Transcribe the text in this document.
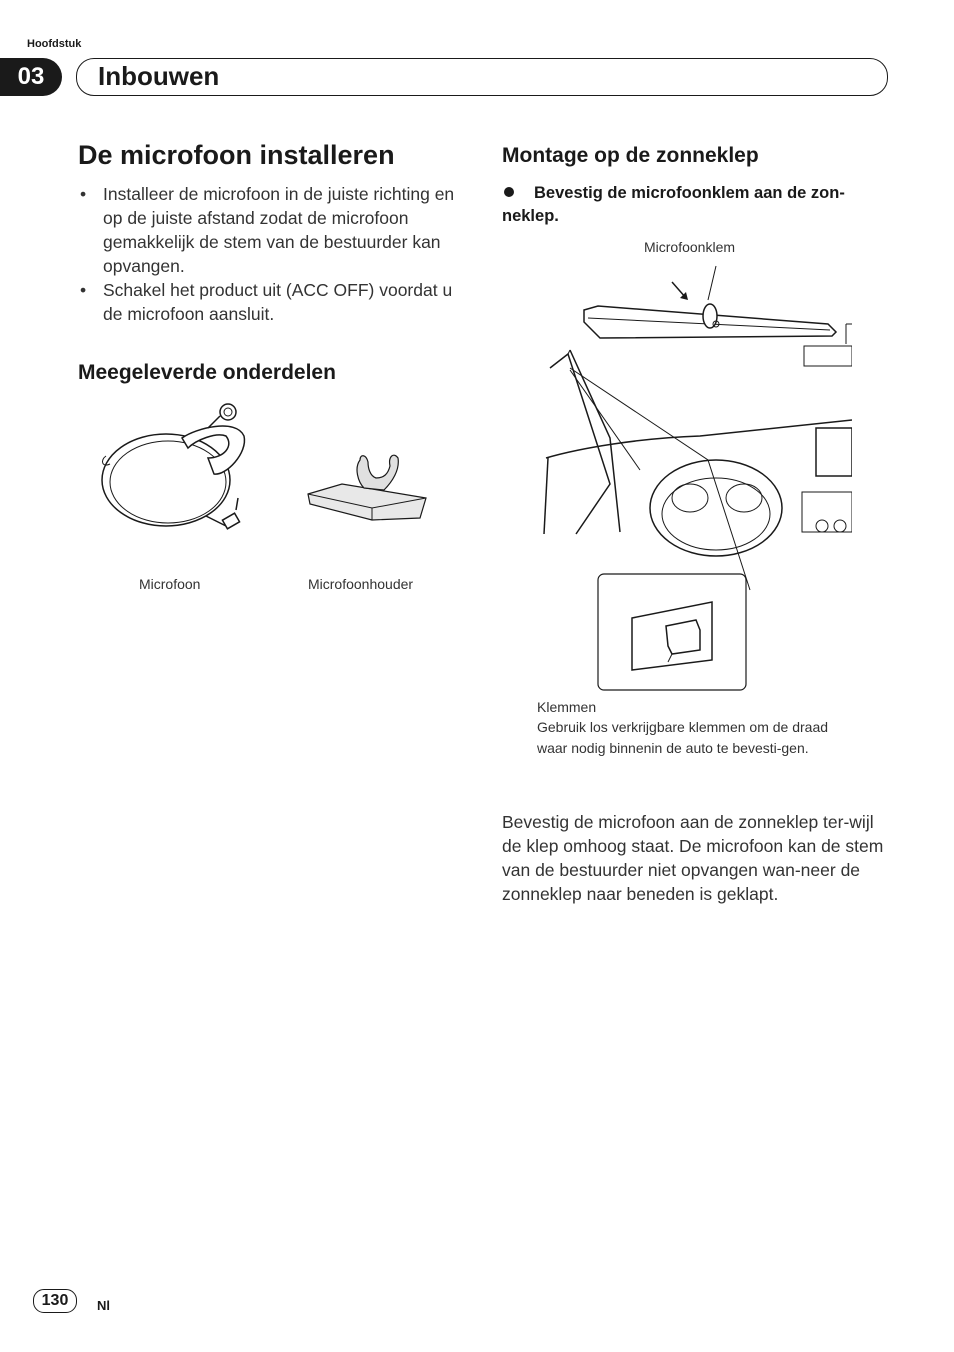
Hoofdstuk
03	Inbouwen
De microfoon installeren
• Installeer de microfoon in de juiste richting en op de juiste afstand zodat de microfoon gemakkelijk de stem van de bestuurder kan opvangen.
• Schakel het product uit (ACC OFF) voordat u de microfoon aansluit.
Meegeleverde onderdelen
Microfoon	Microfoonhouder
Montage op de zonneklep
Bevestig de microfoonklem aan de zon-neklep.
Microfoonklem
Klemmen
Gebruik los verkrijgbare klemmen om de draad waar nodig binnenin de auto te bevesti-gen.
Bevestig de microfoon aan de zonneklep ter-wijl de klep omhoog staat. De microfoon kan de stem van de bestuurder niet opvangen wan-neer de zonneklep naar beneden is geklapt.
130	Nl
